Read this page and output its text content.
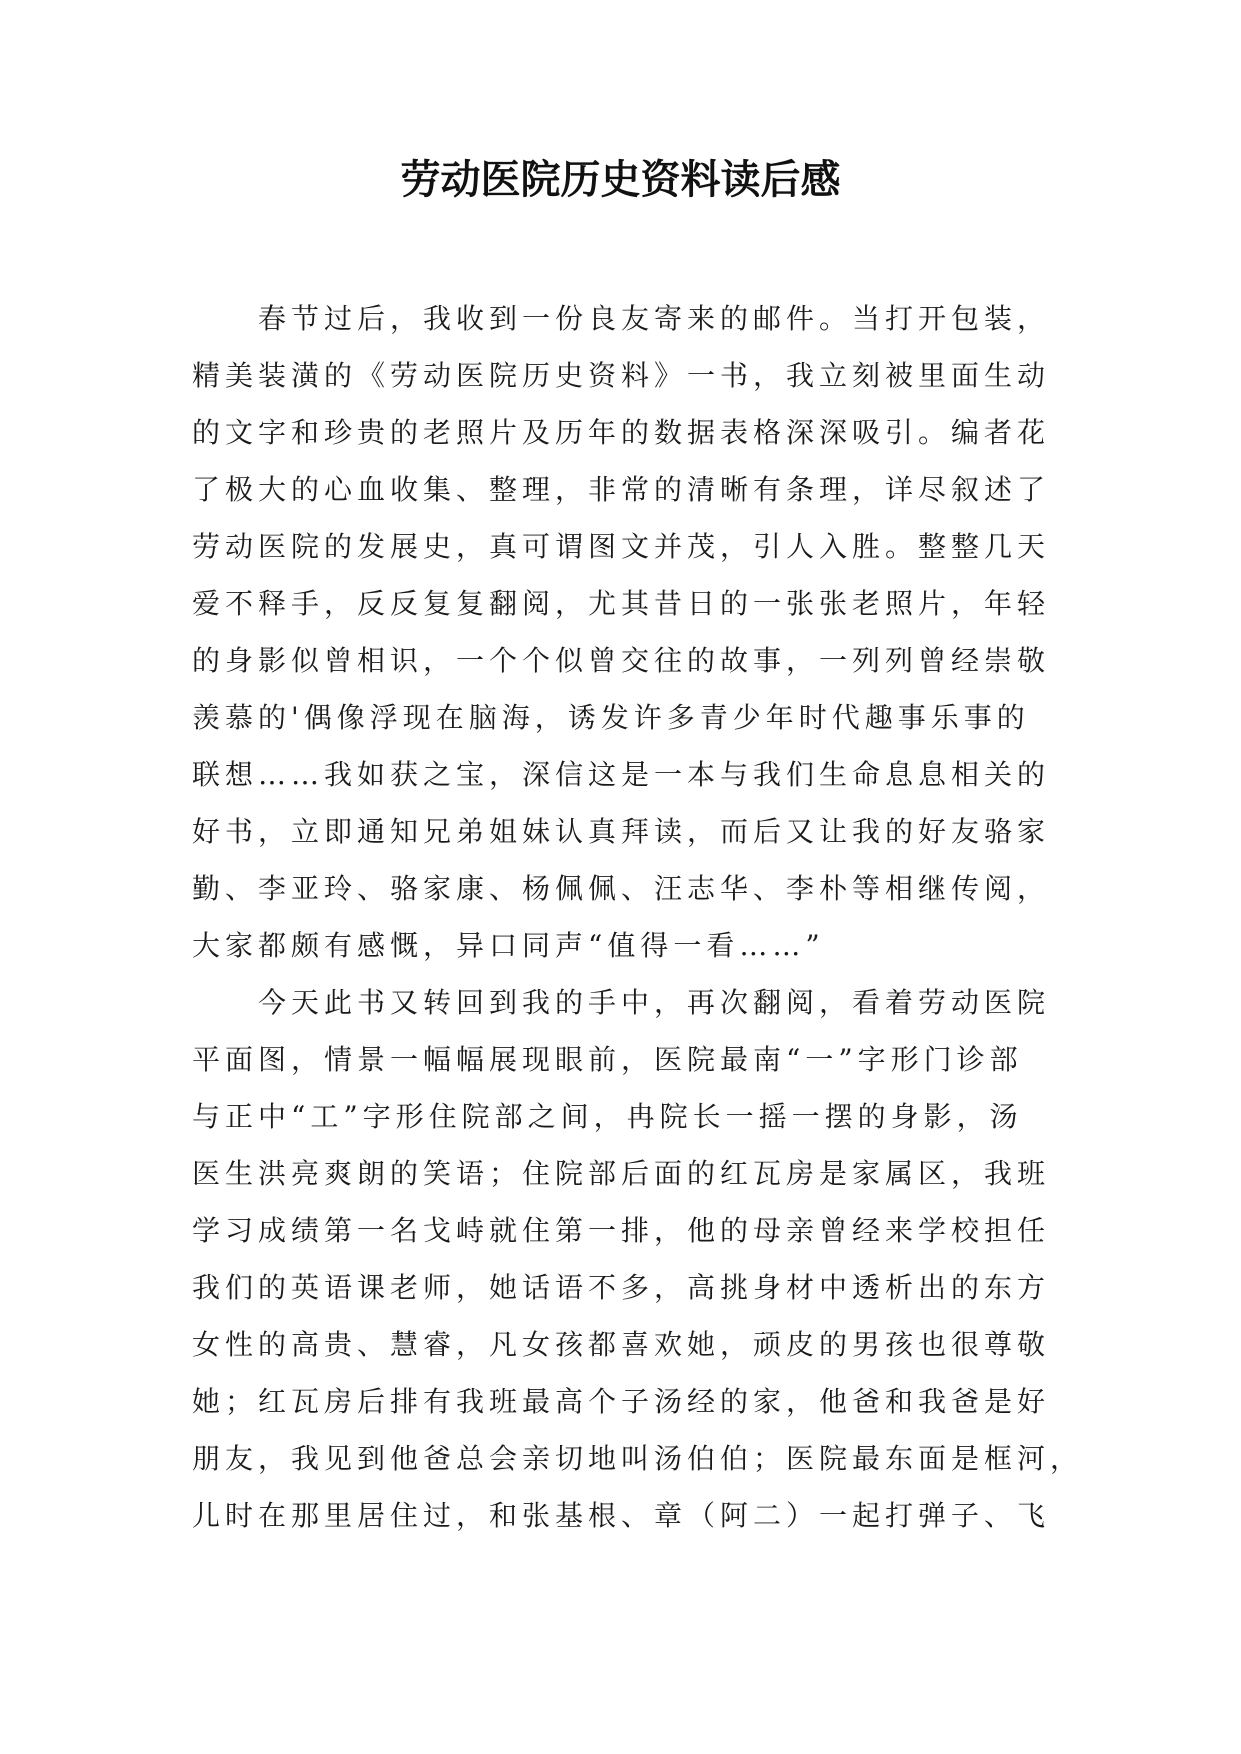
劳动医院历史资料读后感

春节过后，我收到一份良友寄来的邮件。当打开包装，
精美装潢的《劳动医院历史资料》一书，我立刻被里面生动
的文字和珍贵的老照片及历年的数据表格深深吸引。编者花
了极大的心血收集、整理，非常的清晰有条理，详尽叙述了
劳动医院的发展史，真可谓图文并茂，引人入胜。整整几天
爱不释手，反反复复翻阅，尤其昔日的一张张老照片，年轻
的身影似曾相识，一个个似曾交往的故事，一列列曾经崇敬
羡慕的'偶像浮现在脑海，诱发许多青少年时代趣事乐事的
联想……我如获之宝，深信这是一本与我们生命息息相关的
好书，立即通知兄弟姐妹认真拜读，而后又让我的好友骆家
勤、李亚玲、骆家康、杨佩佩、汪志华、李朴等相继传阅，
大家都颇有感慨，异口同声“值得一看……”

今天此书又转回到我的手中，再次翻阅，看着劳动医院
平面图，情景一幅幅展现眼前，医院最南“一”字形门诊部
与正中“工”字形住院部之间，冉院长一摇一摆的身影，汤
医生洪亮爽朗的笑语；住院部后面的红瓦房是家属区，我班
学习成绩第一名戈峙就住第一排，他的母亲曾经来学校担任
我们的英语课老师，她话语不多，高挑身材中透析出的东方
女性的高贵、慧睿，凡女孩都喜欢她，顽皮的男孩也很尊敬
她；红瓦房后排有我班最高个子汤经的家，他爸和我爸是好
朋友，我见到他爸总会亲切地叫汤伯伯；医院最东面是框河，
儿时在那里居住过，和张基根、章（阿二）一起打弹子、飞
